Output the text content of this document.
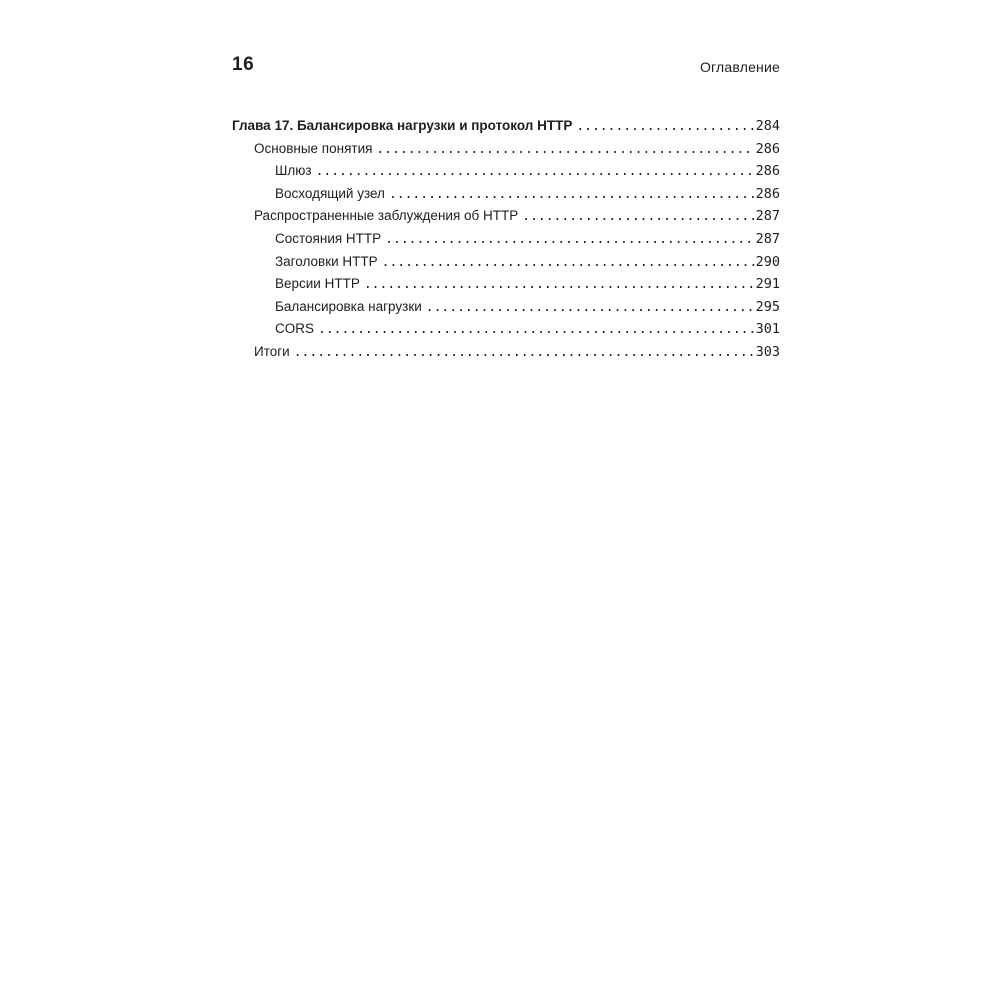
16	Оглавление
Глава 17. Балансировка нагрузки и протокол HTTP .....	284
Основные понятия .....	286
Шлюз .....	286
Восходящий узел .....	286
Распространенные заблуждения об HTTP .....	287
Состояния HTTP .....	287
Заголовки HTTP .....	290
Версии HTTP .....	291
Балансировка нагрузки .....	295
CORS .....	301
Итоги .....	303
